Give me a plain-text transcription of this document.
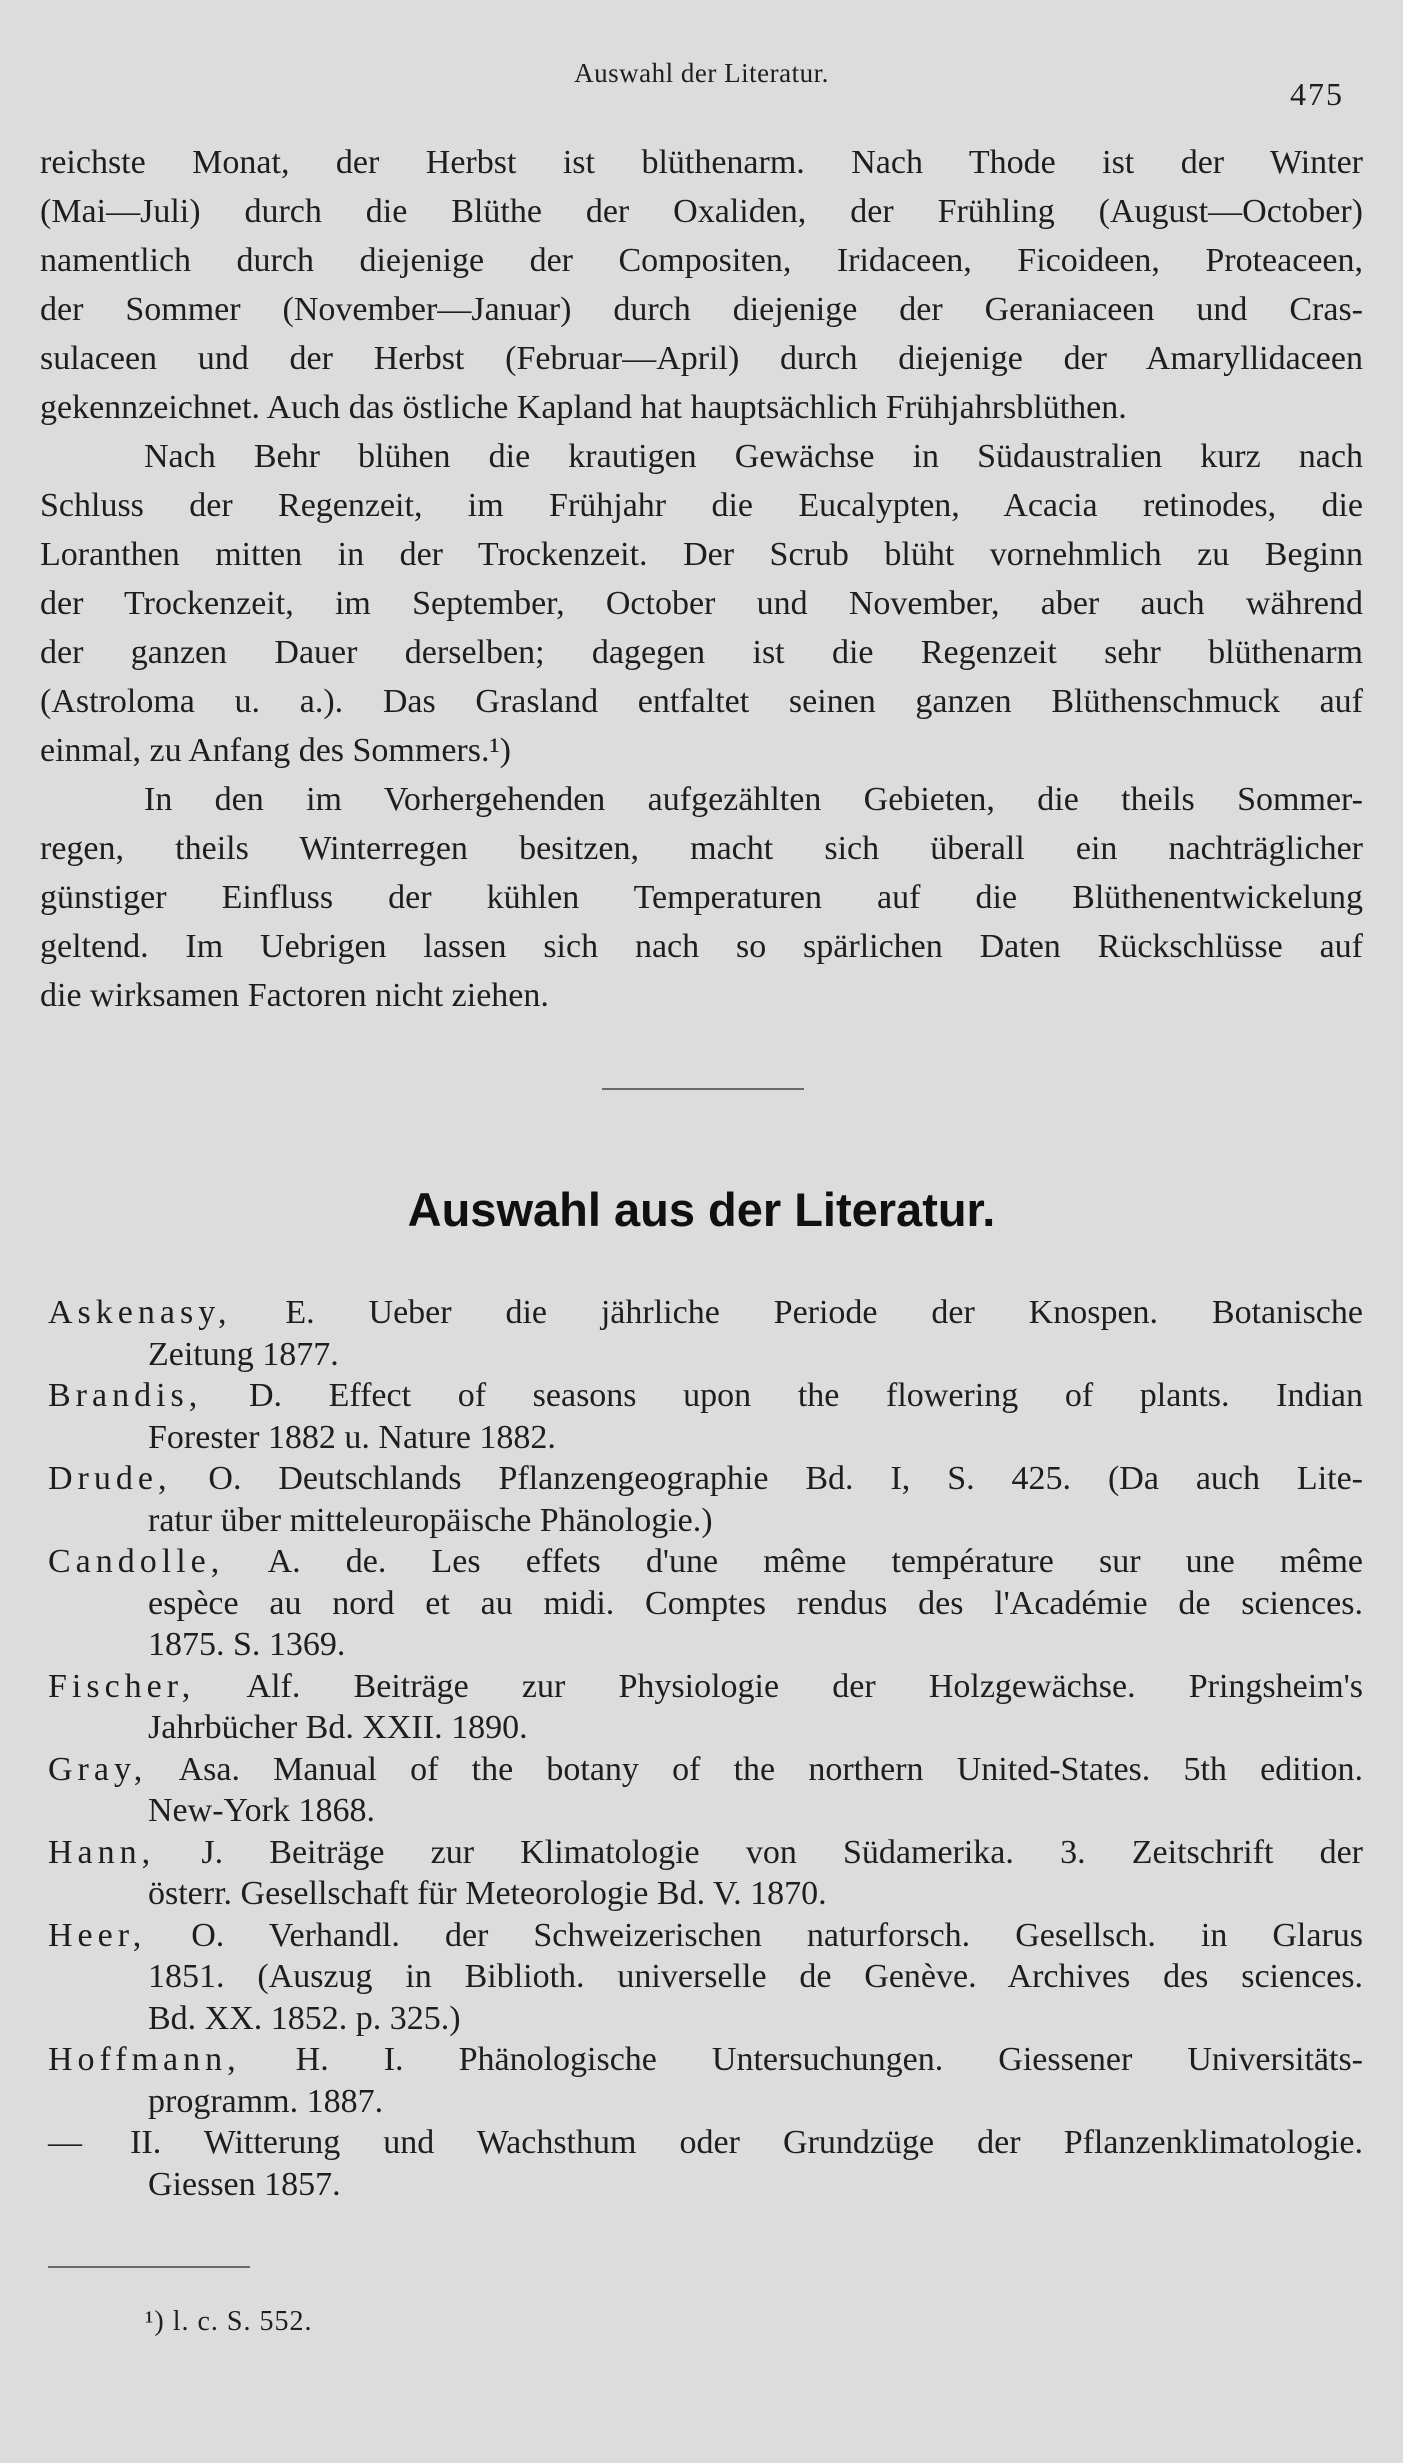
Auswahl der Literatur.
475
reichste Monat, der Herbst ist blüthenarm. Nach Thode ist der Winter
(Mai—Juli) durch die Blüthe der Oxaliden, der Frühling (August—October)
namentlich durch diejenige der Compositen, Iridaceen, Ficoideen, Proteaceen,
der Sommer (November—Januar) durch diejenige der Geraniaceen und Cras-
sulaceen und der Herbst (Februar—April) durch diejenige der Amaryllidaceen
gekennzeichnet. Auch das östliche Kapland hat hauptsächlich Frühjahrsblüthen.
Nach Behr blühen die krautigen Gewächse in Südaustralien kurz nach
Schluss der Regenzeit, im Frühjahr die Eucalypten, Acacia retinodes, die
Loranthen mitten in der Trockenzeit. Der Scrub blüht vornehmlich zu Beginn
der Trockenzeit, im September, October und November, aber auch während
der ganzen Dauer derselben; dagegen ist die Regenzeit sehr blüthenarm
(Astroloma u. a.). Das Grasland entfaltet seinen ganzen Blüthenschmuck auf
einmal, zu Anfang des Sommers.¹)
In den im Vorhergehenden aufgezählten Gebieten, die theils Sommer-
regen, theils Winterregen besitzen, macht sich überall ein nachträglicher
günstiger Einfluss der kühlen Temperaturen auf die Blüthenentwickelung
geltend. Im Uebrigen lassen sich nach so spärlichen Daten Rückschlüsse auf
die wirksamen Factoren nicht ziehen.
Auswahl aus der Literatur.
Askenasy, E. Ueber die jährliche Periode der Knospen. Botanische
Zeitung 1877.
Brandis, D. Effect of seasons upon the flowering of plants. Indian
Forester 1882 u. Nature 1882.
Drude, O. Deutschlands Pflanzengeographie Bd. I, S. 425. (Da auch Lite-
ratur über mitteleuropäische Phänologie.)
Candolle, A. de. Les effets d'une même température sur une même
espèce au nord et au midi. Comptes rendus des l'Académie de sciences.
1875. S. 1369.
Fischer, Alf. Beiträge zur Physiologie der Holzgewächse. Pringsheim's
Jahrbücher Bd. XXII. 1890.
Gray, Asa. Manual of the botany of the northern United-States. 5th edition.
New-York 1868.
Hann, J. Beiträge zur Klimatologie von Südamerika. 3. Zeitschrift der
österr. Gesellschaft für Meteorologie Bd. V. 1870.
Heer, O. Verhandl. der Schweizerischen naturforsch. Gesellsch. in Glarus
1851. (Auszug in Biblioth. universelle de Genève. Archives des sciences.
Bd. XX. 1852. p. 325.)
Hoffmann, H. I. Phänologische Untersuchungen. Giessener Universitäts-
programm. 1887.
— II. Witterung und Wachsthum oder Grundzüge der Pflanzenklimatologie.
Giessen 1857.
¹) l. c. S. 552.
